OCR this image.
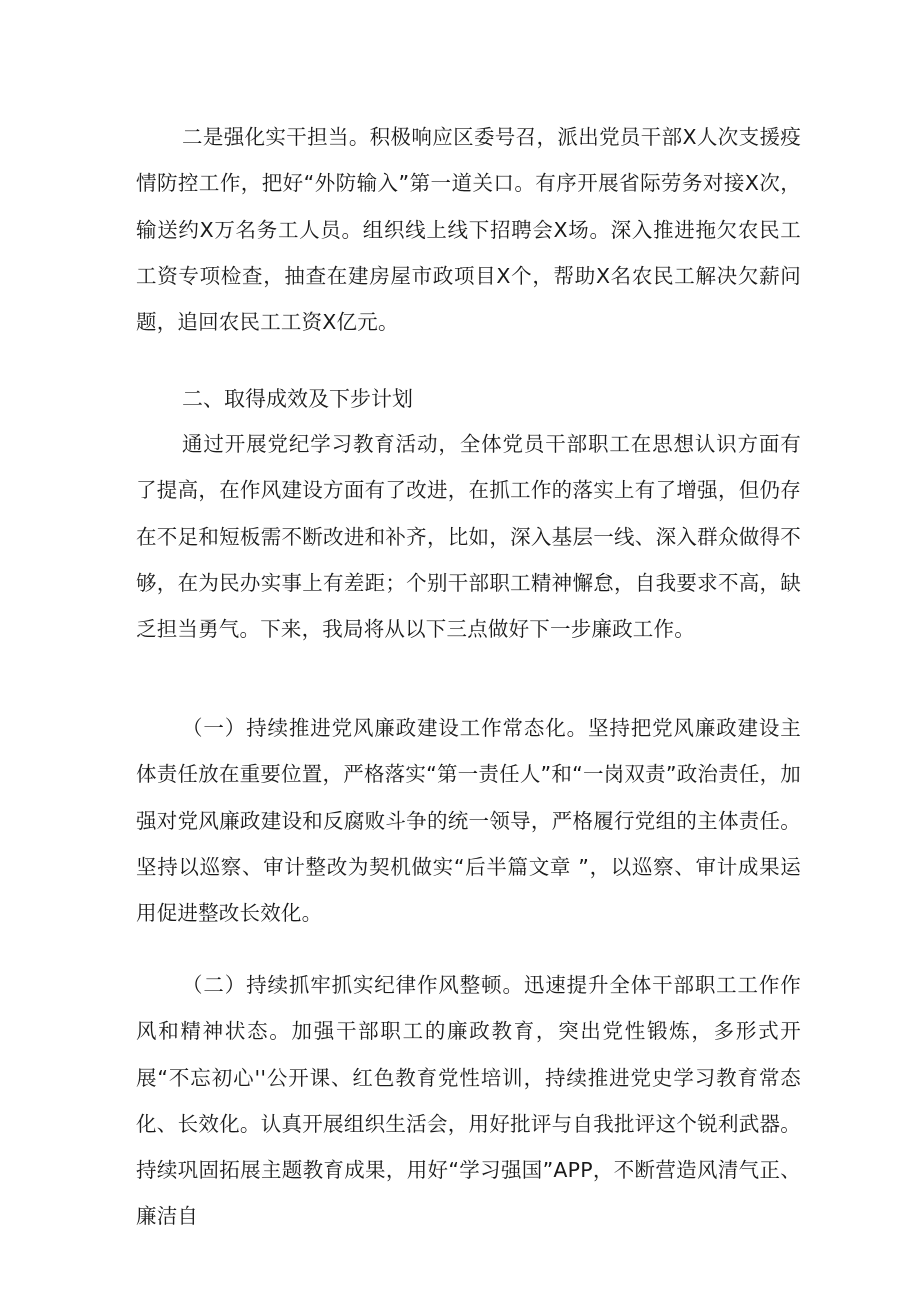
二是强化实干担当。积极响应区委号召，派出党员干部X人次支援疫情防控工作，把好“外防输入”第一道关口。有序开展省际劳务对接X次，输送约X万名务工人员。组织线上线下招聘会X场。深入推进拖欠农民工工资专项检查，抽查在建房屋市政项目X个，帮助X名农民工解决欠薪问题，追回农民工工资X亿元。

二、取得成效及下步计划

通过开展党纪学习教育活动，全体党员干部职工在思想认识方面有了提高，在作风建设方面有了改进，在抓工作的落实上有了增强，但仍存在不足和短板需不断改进和补齐，比如，深入基层一线、深入群众做得不够，在为民办实事上有差距；个别干部职工精神懈怠，自我要求不高，缺乏担当勇气。下来，我局将从以下三点做好下一步廉政工作。

（一）持续推进党风廉政建设工作常态化。坚持把党风廉政建设主体责任放在重要位置，严格落实“第一责任人”和“一岗双责”政治责任，加强对党风廉政建设和反腐败斗争的统一领导，严格履行党组的主体责任。坚持以巡察、审计整改为契机做实“后半篇文章 ”，以巡察、审计成果运用促进整改长效化。

（二）持续抓牢抓实纪律作风整顿。迅速提升全体干部职工工作作风和精神状态。加强干部职工的廉政教育，突出党性锻炼，多形式开展“不忘初心''公开课、红色教育党性培训，持续推进党史学习教育常态化、长效化。认真开展组织生活会，用好批评与自我批评这个锐利武器。持续巩固拓展主题教育成果，用好“学习强国”APP，不断营造风清气正、廉洁自
